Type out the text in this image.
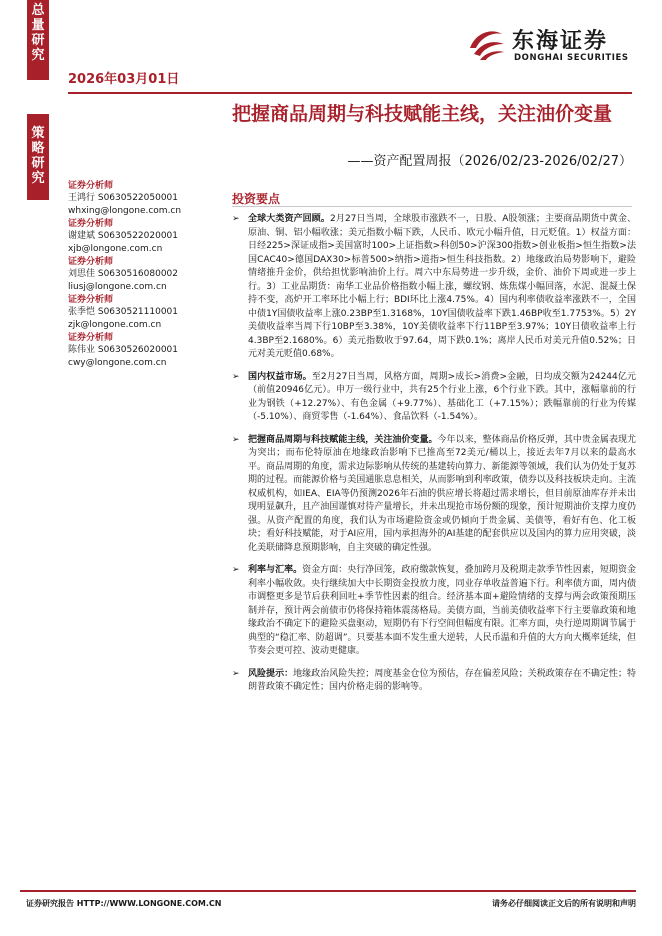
总
量
研
究
策
略
研
究
2026年03月01日
东海证券
DONGHAI SECURITIES
把握商品周期与科技赋能主线，关注油价变量
——资产配置周报（2026/02/23-2026/02/27）
证券分析师
王鸿行 S0630522050001
whxing@longone.com.cn
证券分析师
谢建斌 S0630522020001
xjb@longone.com.cn
证券分析师
刘思佳 S0630516080002
liusj@longone.com.cn
证券分析师
张季恺 S0630521110001
zjk@longone.com.cn
证券分析师
陈伟业 S0630526020001
cwy@longone.com.cn
投资要点
➢ 全球大类资产回顾。2月27日当周，全球股市涨跌不一，日股、A股领涨；主要商品期货中黄金、原油、铜、铝小幅收涨；美元指数小幅下跌，人民币、欧元小幅升值，日元贬值。1）权益方面：日经225>深证成指>美国富时100>上证指数>科创50>沪深300指数>创业板指>恒生指数>法国CAC40>德国DAX30>标普500>纳指>道指>恒生科技指数。2）地缘政治局势影响下，避险情绪推升金价，供给担忧影响油价上行。周六中东局势进一步升级，金价、油价下周或进一步上行。3）工业品期货：南华工业品价格指数小幅上涨，螺纹钢、炼焦煤小幅回落，水泥、混凝土保持不变，高炉开工率环比小幅上行；BDI环比上涨4.75%。4）国内利率债收益率涨跌不一，全国中债1Y国债收益率上涨0.23BP至1.3168%，10Y国债收益率下跌1.46BP收至1.7753%。5）2Y美债收益率当周下行10BP至3.38%，10Y美债收益率下行11BP至3.97%；10Y日债收益率上行4.3BP至2.1680%。6）美元指数收于97.64，周下跌0.1%；离岸人民币对美元升值0.52%；日元对美元贬值0.68%。
➢ 国内权益市场。至2月27日当周，风格方面，周期>成长>消费>金融，日均成交额为24244亿元（前值20946亿元）。申万一级行业中，共有25个行业上涨，6个行业下跌。其中，涨幅靠前的行业为钢铁（+12.27%）、有色金属（+9.77%）、基础化工（+7.15%）；跌幅靠前的行业为传媒（-5.10%）、商贸零售（-1.64%）、食品饮料（-1.54%）。
➢ 把握商品周期与科技赋能主线，关注油价变量。今年以来，整体商品价格反弹，其中贵金属表现尤为突出；而布伦特原油在地缘政治影响下已推高至72美元/桶以上，接近去年7月以来的最高水平。商品周期的角度，需求边际影响从传统的基建转向算力、新能源等领域，我们认为仍处于复苏期的过程。而能源价格与美国通胀息息相关，从而影响到利率政策，债券以及科技板块走向。主流权威机构，如IEA、EIA等仍预测2026年石油的供应增长将超过需求增长，但目前原油库存并未出现明显飙升，且产油国谨慎对待产量增长，并未出现抢市场份额的现象，预计短期油价支撑力度仍强。从资产配置的角度，我们认为市场避险资金或仍倾向于贵金属、美债等，看好有色、化工板块；看好科技赋能，对于AI应用，国内承担海外的AI基建的配套供应以及国内的算力应用突破，淡化美联储降息预期影响，自主突破的确定性强。
➢ 利率与汇率。资金方面：央行净回笼，政府缴款恢复，叠加跨月及税期走款季节性因素，短期资金利率小幅收敛。央行继续加大中长期资金投放力度，同业存单收益普遍下行。利率债方面，周内债市调整更多是节后获利回吐+季节性因素的组合。经济基本面+避险情绪的支撑与两会政策预期压制并存，预计两会前债市仍将保持箱体震荡格局。美债方面，当前美债收益率下行主要靠政策和地缘政治不确定下的避险买盘驱动，短期仍有下行空间但幅度有限。汇率方面，央行逆周期调节属于典型的“稳汇率、防超调”。只要基本面不发生重大逆转，人民币温和升值的大方向大概率延续，但节奏会更可控、波动更健康。
➢ 风险提示：地缘政治风险失控；周度基金仓位为预估，存在偏差风险；关税政策存在不确定性；特朗普政策不确定性；国内价格走弱的影响等。
证券研究报告 HTTP://WWW.LONGONE.COM.CN	请务必仔细阅读正文后的所有说明和声明
